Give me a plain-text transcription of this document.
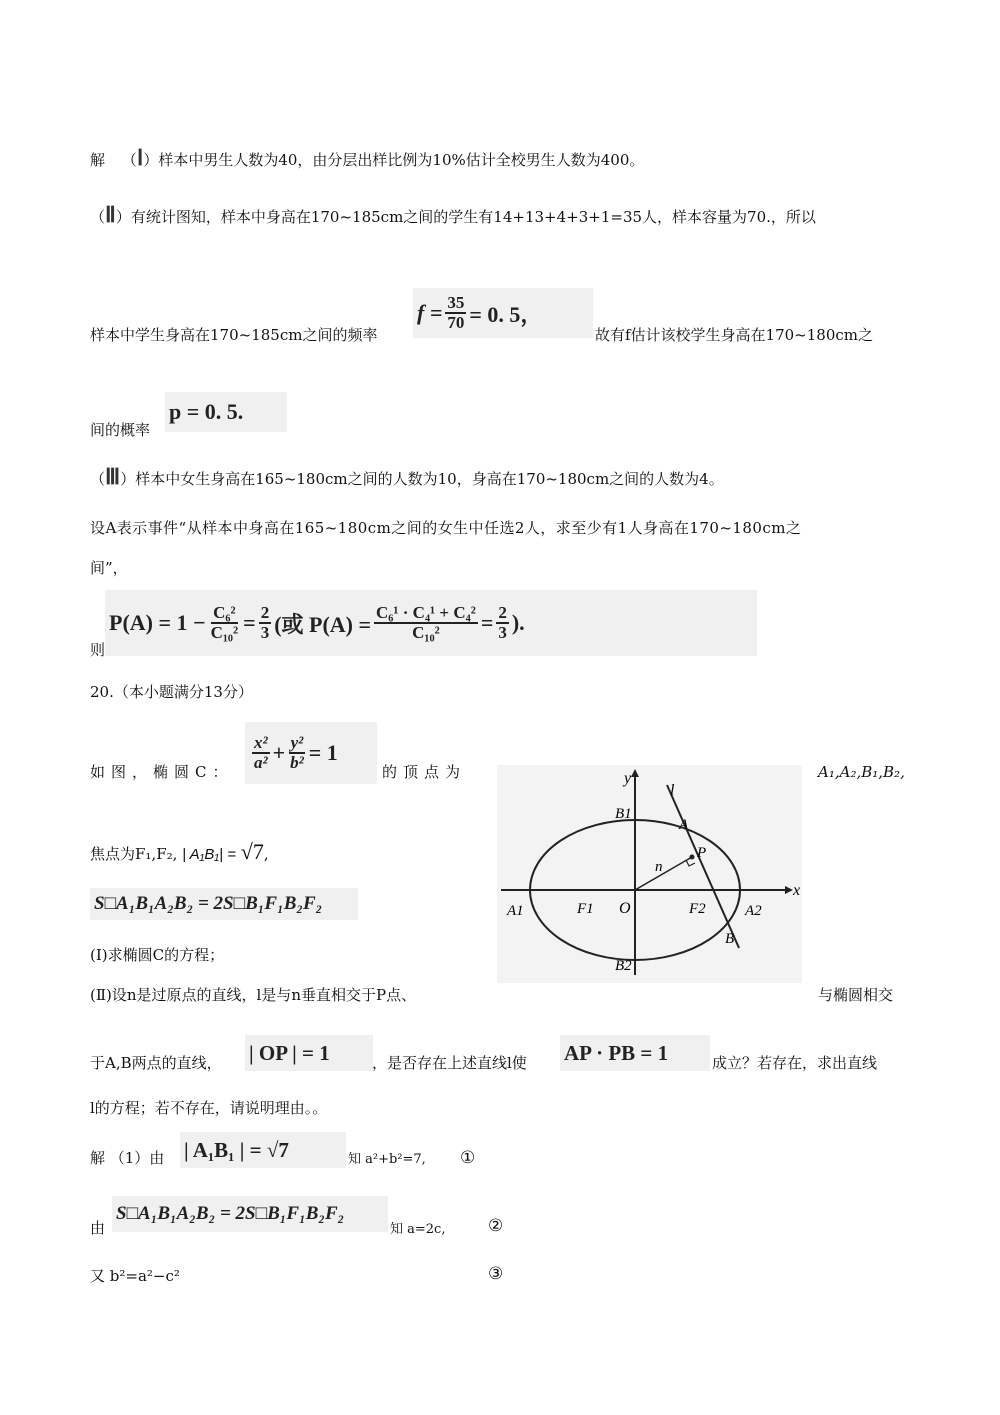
解 （Ⅰ）样本中男生人数为40，由分层出样比例为10%估计全校男生人数为400。
（Ⅱ）有统计图知，样本中身高在170~185cm之间的学生有14+13+4+3+1=35人，样本容量为70.，所以
$f = \frac{35}{70} = 0$. 5，
样本中学生身高在170~185cm之间的频率	故有f估计该校学生身高在170~180cm之
间的概率
p = 0. 5.
（Ⅲ）样本中女生身高在165~180cm之间的人数为10，身高在170~180cm之间的人数为4。
设A表示事件“从样本中身高在165~180cm之间的女生中任选2人，求至少有1人身高在170~180cm之
间”，
$P(A) = 1 - \frac{\text{C₆²}}{\text{C₁₀²}} = \frac{2}{3}$ (或 $P(A) = \frac{\text{C₆¹ · C₄¹ + C₄²}}{\text{C₁₀²}} = \frac{2}{3}$ ).
则
20.（本小题满分13分）
如图，椭圆C：
$\frac{\text{x²}}{\text{a²}} + \frac{\text{y²}}{\text{b²}} = 1$
的顶点为	A₁,A₂,B₁,B₂,
焦点为F₁,F₂, | A₁B₁| = √7,
S□A₁B₁A₂B₂ = 2S□B₁F₁B₂F₂
(Ⅰ)求椭圆C的方程；
(Ⅱ)设n是过原点的直线，l是与n垂直相交于P点、	与椭圆相交
于A,B两点的直线， | OP | = 1	，是否存在上述直线l使 AP · PB = 1	成立？若存在，求出直线
l的方程；若不存在，请说明理由。。
解 （1）由 | A₁B₁ | = √7	知 a²+b²=7, ①
由
S□A₁B₁A₂B₂ = 2S□B₁F₁B₂F₂
知 a=2c,	②
又 b²=a²−c²	③
y
x
O
A1	A2
B1
B2
F1	F2
P
A
B
l
n
